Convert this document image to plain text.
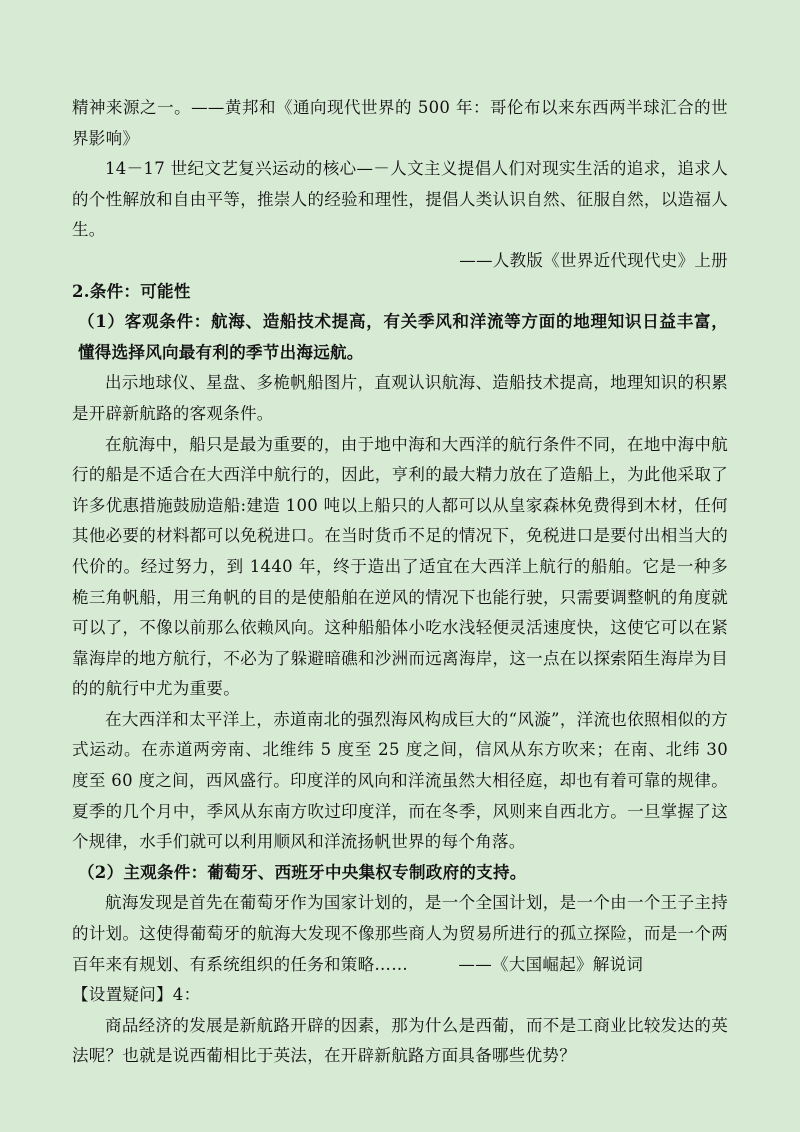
精神来源之一。——黄邦和《通向现代世界的 500 年：哥伦布以来东西两半球汇合的世界影响》

14－17 世纪文艺复兴运动的核心—－人文主义提倡人们对现实生活的追求，追求人的个性解放和自由平等，推崇人的经验和理性，提倡人类认识自然、征服自然，以造福人生。

——人教版《世界近代现代史》上册

2.条件：可能性

（1）客观条件：航海、造船技术提高，有关季风和洋流等方面的地理知识日益丰富，懂得选择风向最有利的季节出海远航。

出示地球仪、星盘、多桅帆船图片，直观认识航海、造船技术提高，地理知识的积累是开辟新航路的客观条件。

在航海中，船只是最为重要的，由于地中海和大西洋的航行条件不同，在地中海中航行的船是不适合在大西洋中航行的，因此，亨利的最大精力放在了造船上，为此他采取了许多优惠措施鼓励造船:建造 100 吨以上船只的人都可以从皇家森林免费得到木材，任何其他必要的材料都可以免税进口。在当时货币不足的情况下，免税进口是要付出相当大的代价的。经过努力，到 1440 年，终于造出了适宜在大西洋上航行的船舶。它是一种多桅三角帆船，用三角帆的目的是使船舶在逆风的情况下也能行驶，只需要调整帆的角度就可以了，不像以前那么依赖风向。这种船船体小吃水浅轻便灵活速度快，这使它可以在紧靠海岸的地方航行，不必为了躲避暗礁和沙洲而远离海岸，这一点在以探索陌生海岸为目的的航行中尤为重要。

在大西洋和太平洋上，赤道南北的强烈海风构成巨大的“风漩”，洋流也依照相似的方式运动。在赤道两旁南、北维纬 5 度至 25 度之间，信风从东方吹来；在南、北纬 30 度至 60 度之间，西风盛行。印度洋的风向和洋流虽然大相径庭，却也有着可靠的规律。夏季的几个月中，季风从东南方吹过印度洋，而在冬季，风则来自西北方。一旦掌握了这个规律，水手们就可以利用顺风和洋流扬帆世界的每个角落。

（2）主观条件：葡萄牙、西班牙中央集权专制政府的支持。

航海发现是首先在葡萄牙作为国家计划的，是一个全国计划，是一个由一个王子主持的计划。这使得葡萄牙的航海大发现不像那些商人为贸易所进行的孤立探险，而是一个两百年来有规划、有系统组织的任务和策略……　　　——《大国崛起》解说词

【设置疑问】4：

商品经济的发展是新航路开辟的因素，那为什么是西葡，而不是工商业比较发达的英法呢？也就是说西葡相比于英法，在开辟新航路方面具备哪些优势？
